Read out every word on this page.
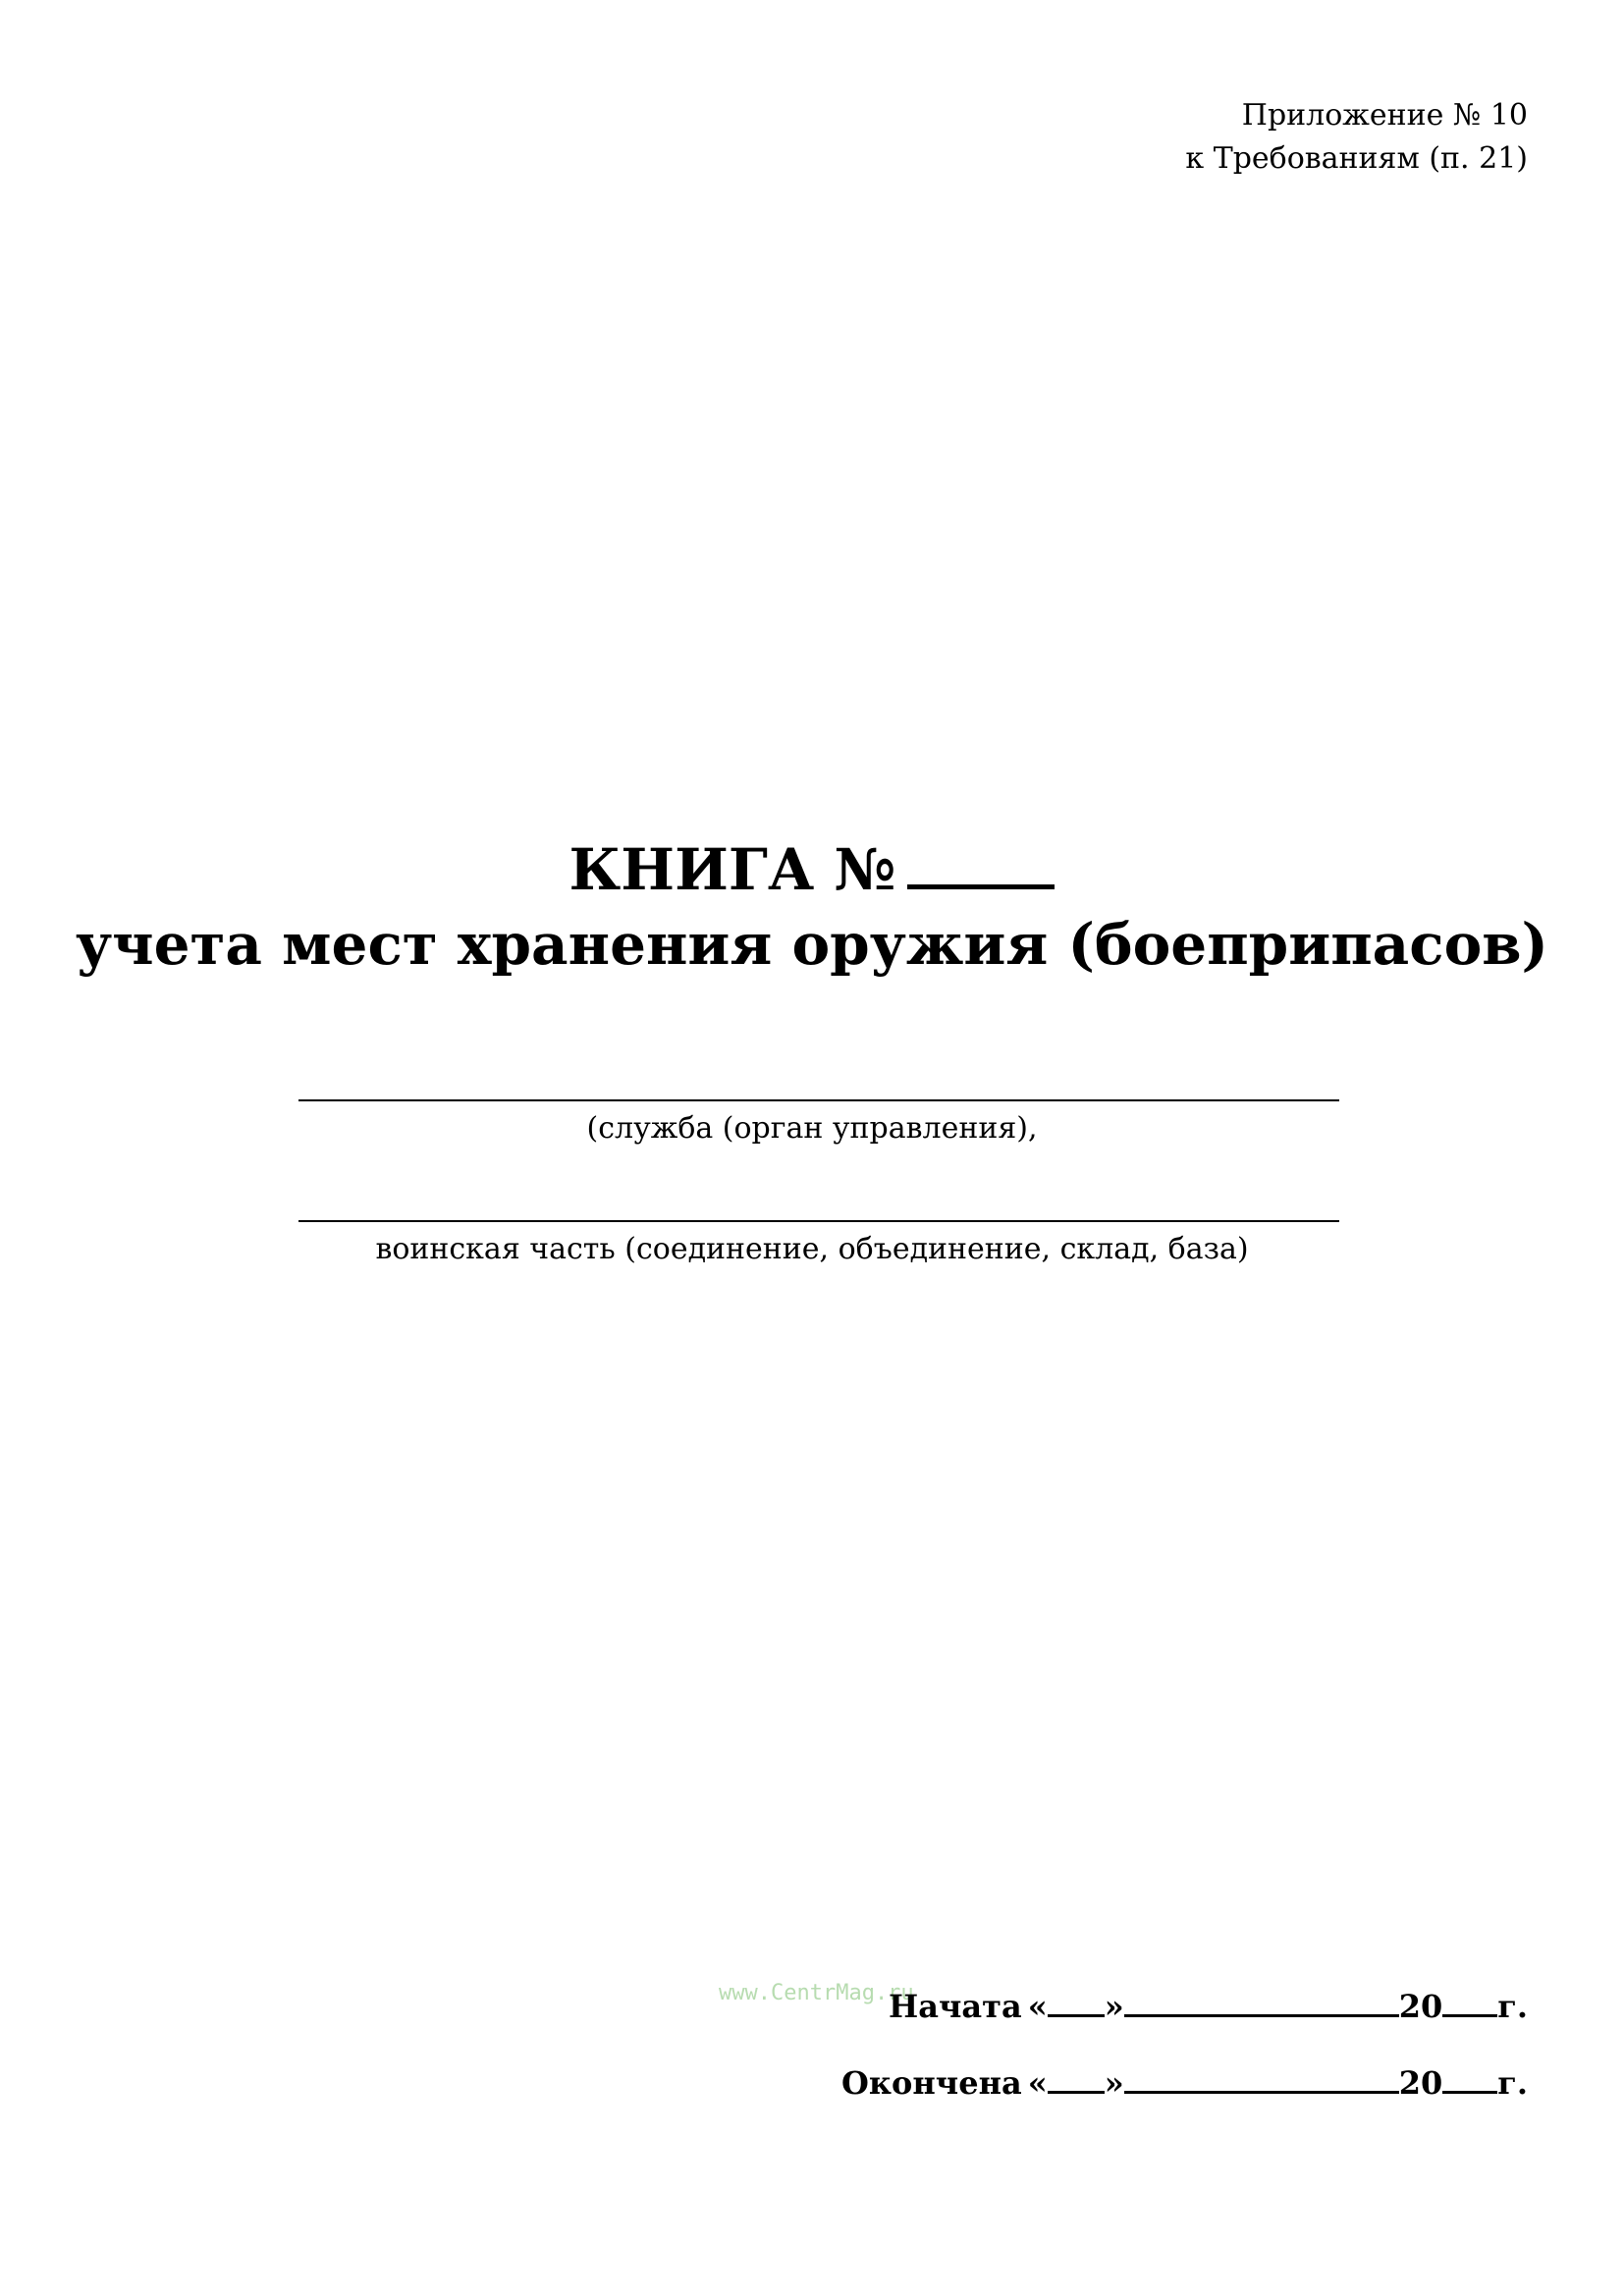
Приложение № 10
к Требованиям (п. 21)
КНИГА №
учета мест хранения оружия (боеприпасов)
(служба (орган управления),
воинская часть (соединение, объединение, склад, база)
www.CentrMag.ru
Начата « »	20 г.
Окончена « »	20 г.
